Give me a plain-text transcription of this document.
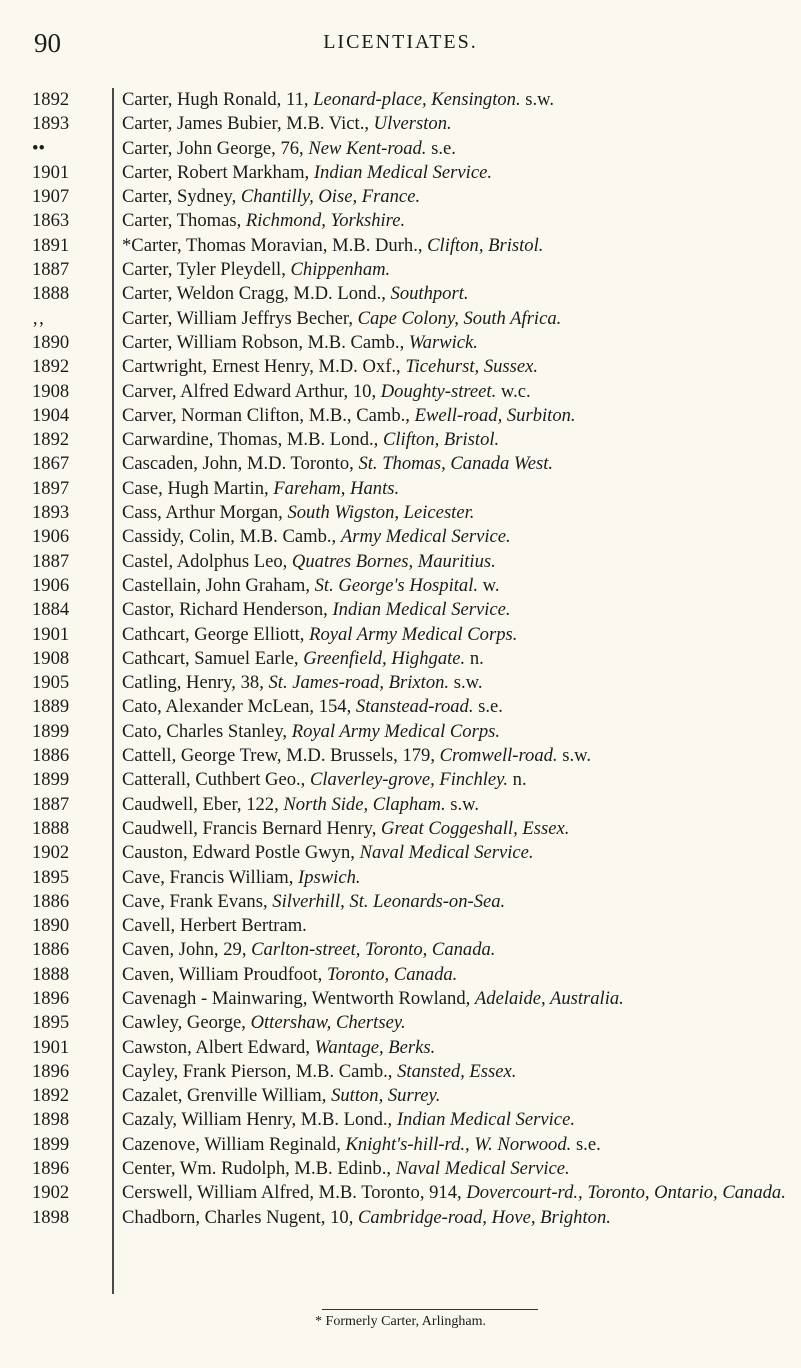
90	LICENTIATES.
1892	Carter, Hugh Ronald, 11, Leonard-place, Kensington. s.w.
1893	Carter, James Bubier, M.B. Vict., Ulverston.
••	Carter, John George, 76, New Kent-road. s.e.
1901	Carter, Robert Markham, Indian Medical Service.
1907	Carter, Sydney, Chantilly, Oise, France.
1863	Carter, Thomas, Richmond, Yorkshire.
1891	*Carter, Thomas Moravian, M.B. Durh., Clifton, Bristol.
1887	Carter, Tyler Pleydell, Chippenham.
1888	Carter, Weldon Cragg, M.D. Lond., Southport.
‚‚	Carter, William Jeffrys Becher, Cape Colony, South Africa.
1890	Carter, William Robson, M.B. Camb., Warwick.
1892	Cartwright, Ernest Henry, M.D. Oxf., Ticehurst, Sussex.
1908	Carver, Alfred Edward Arthur, 10, Doughty-street. w.c.
1904	Carver, Norman Clifton, M.B., Camb., Ewell-road, Surbiton.
1892	Carwardine, Thomas, M.B. Lond., Clifton, Bristol.
1867	Cascaden, John, M.D. Toronto, St. Thomas, Canada West.
1897	Case, Hugh Martin, Fareham, Hants.
1893	Cass, Arthur Morgan, South Wigston, Leicester.
1906	Cassidy, Colin, M.B. Camb., Army Medical Service.
1887	Castel, Adolphus Leo, Quatres Bornes, Mauritius.
1906	Castellain, John Graham, St. George's Hospital. w.
1884	Castor, Richard Henderson, Indian Medical Service.
1901	Cathcart, George Elliott, Royal Army Medical Corps.
1908	Cathcart, Samuel Earle, Greenfield, Highgate. n.
1905	Catling, Henry, 38, St. James-road, Brixton. s.w.
1889	Cato, Alexander McLean, 154, Stanstead-road. s.e.
1899	Cato, Charles Stanley, Royal Army Medical Corps.
1886	Cattell, George Trew, M.D. Brussels, 179, Cromwell-road. s.w.
1899	Catterall, Cuthbert Geo., Claverley-grove, Finchley. n.
1887	Caudwell, Eber, 122, North Side, Clapham. s.w.
1888	Caudwell, Francis Bernard Henry, Great Coggeshall, Essex.
1902	Causton, Edward Postle Gwyn, Naval Medical Service.
1895	Cave, Francis William, Ipswich.
1886	Cave, Frank Evans, Silverhill, St. Leonards-on-Sea.
1890	Cavell, Herbert Bertram.
1886	Caven, John, 29, Carlton-street, Toronto, Canada.
1888	Caven, William Proudfoot, Toronto, Canada.
1896	Cavenagh - Mainwaring, Wentworth Rowland, Adelaide, Australia.
1895	Cawley, George, Ottershaw, Chertsey.
1901	Cawston, Albert Edward, Wantage, Berks.
1896	Cayley, Frank Pierson, M.B. Camb., Stansted, Essex.
1892	Cazalet, Grenville William, Sutton, Surrey.
1898	Cazaly, William Henry, M.B. Lond., Indian Medical Service.
1899	Cazenove, William Reginald, Knight's-hill-rd., W. Norwood. s.e.
1896	Center, Wm. Rudolph, M.B. Edinb., Naval Medical Service.
1902	Cerswell, William Alfred, M.B. Toronto, 914, Dovercourt-rd., Toronto, Ontario, Canada.
1898	Chadborn, Charles Nugent, 10, Cambridge-road, Hove, Brighton.
* Formerly Carter, Arlingham.
